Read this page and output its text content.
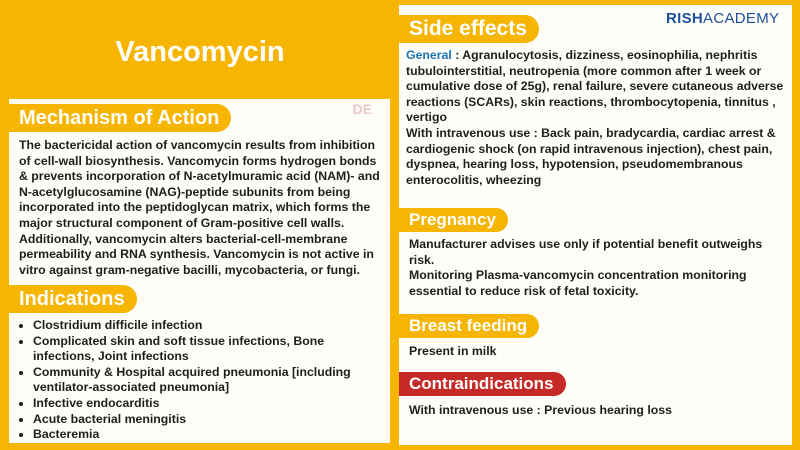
Vancomycin
DE
RISHACADEMY
Mechanism of Action
The bactericidal action of vancomycin results from inhibition of cell-wall biosynthesis. Vancomycin forms hydrogen bonds & prevents incorporation of N-acetylmuramic acid (NAM)- and N-acetylglucosamine (NAG)-peptide subunits from being incorporated into the peptidoglycan matrix, which forms the major structural component of Gram-positive cell walls. Additionally, vancomycin alters bacterial-cell-membrane permeability and RNA synthesis. Vancomycin is not active in vitro against gram-negative bacilli, mycobacteria, or fungi.
Indications
• Clostridium difficile infection
• Complicated skin and soft tissue infections, Bone infections, Joint infections
• Community & Hospital acquired pneumonia [including ventilator-associated pneumonia]
• Infective endocarditis
• Acute bacterial meningitis
• Bacteremia
Side effects
General : Agranulocytosis, dizziness, eosinophilia, nephritis tubulointerstitial, neutropenia (more common after 1 week or cumulative dose of 25g), renal failure, severe cutaneous adverse reactions (SCARs), skin reactions, thrombocytopenia, tinnitus , vertigo
With intravenous use : Back pain, bradycardia, cardiac arrest & cardiogenic shock (on rapid intravenous injection), chest pain, dyspnea, hearing loss, hypotension, pseudomembranous enterocolitis, wheezing
Pregnancy
Manufacturer advises use only if potential benefit outweighs risk.
Monitoring Plasma-vancomycin concentration monitoring essential to reduce risk of fetal toxicity.
Breast feeding
Present in milk
Contraindications
With intravenous use : Previous hearing loss
